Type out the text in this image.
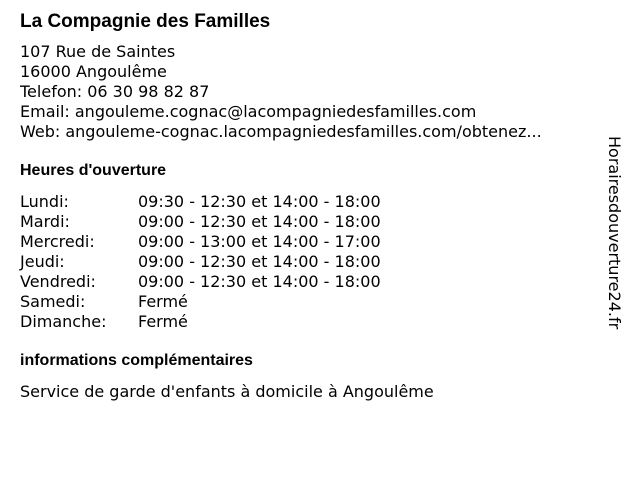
La Compagnie des Familles
107 Rue de Saintes
16000 Angoulême
Telefon: 06 30 98 82 87
Email: angouleme.cognac@lacompagniedesfamilles.com
Web: angouleme-cognac.lacompagniedesfamilles.com/obtenez...
Heures d'ouverture
Lundi:	09:30 - 12:30 et 14:00 - 18:00
Mardi:	09:00 - 12:30 et 14:00 - 18:00
Mercredi:	09:00 - 13:00 et 14:00 - 17:00
Jeudi:	09:00 - 12:30 et 14:00 - 18:00
Vendredi:	09:00 - 12:30 et 14:00 - 18:00
Samedi:	Fermé
Dimanche:	Fermé
informations complémentaires
Service de garde d'enfants à domicile à Angoulême
Horairesdouverture24.fr
